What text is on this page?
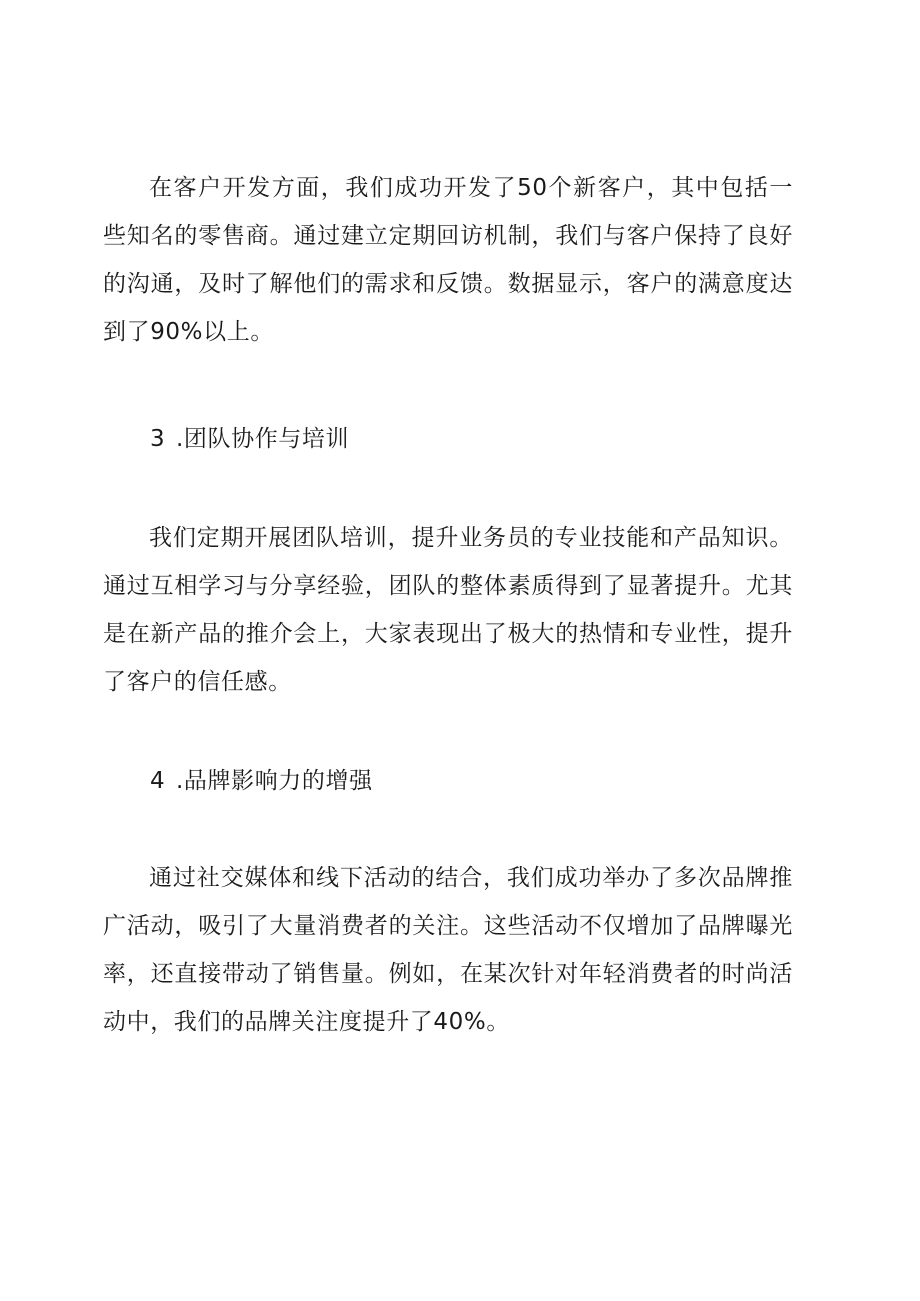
在客户开发方面，我们成功开发了50个新客户，其中包括一些知名的零售商。通过建立定期回访机制，我们与客户保持了良好的沟通，及时了解他们的需求和反馈。数据显示，客户的满意度达到了90%以上。

3 .团队协作与培训

我们定期开展团队培训，提升业务员的专业技能和产品知识。通过互相学习与分享经验，团队的整体素质得到了显著提升。尤其是在新产品的推介会上，大家表现出了极大的热情和专业性，提升了客户的信任感。

4 .品牌影响力的增强

通过社交媒体和线下活动的结合，我们成功举办了多次品牌推广活动，吸引了大量消费者的关注。这些活动不仅增加了品牌曝光率，还直接带动了销售量。例如，在某次针对年轻消费者的时尚活动中，我们的品牌关注度提升了40%。
